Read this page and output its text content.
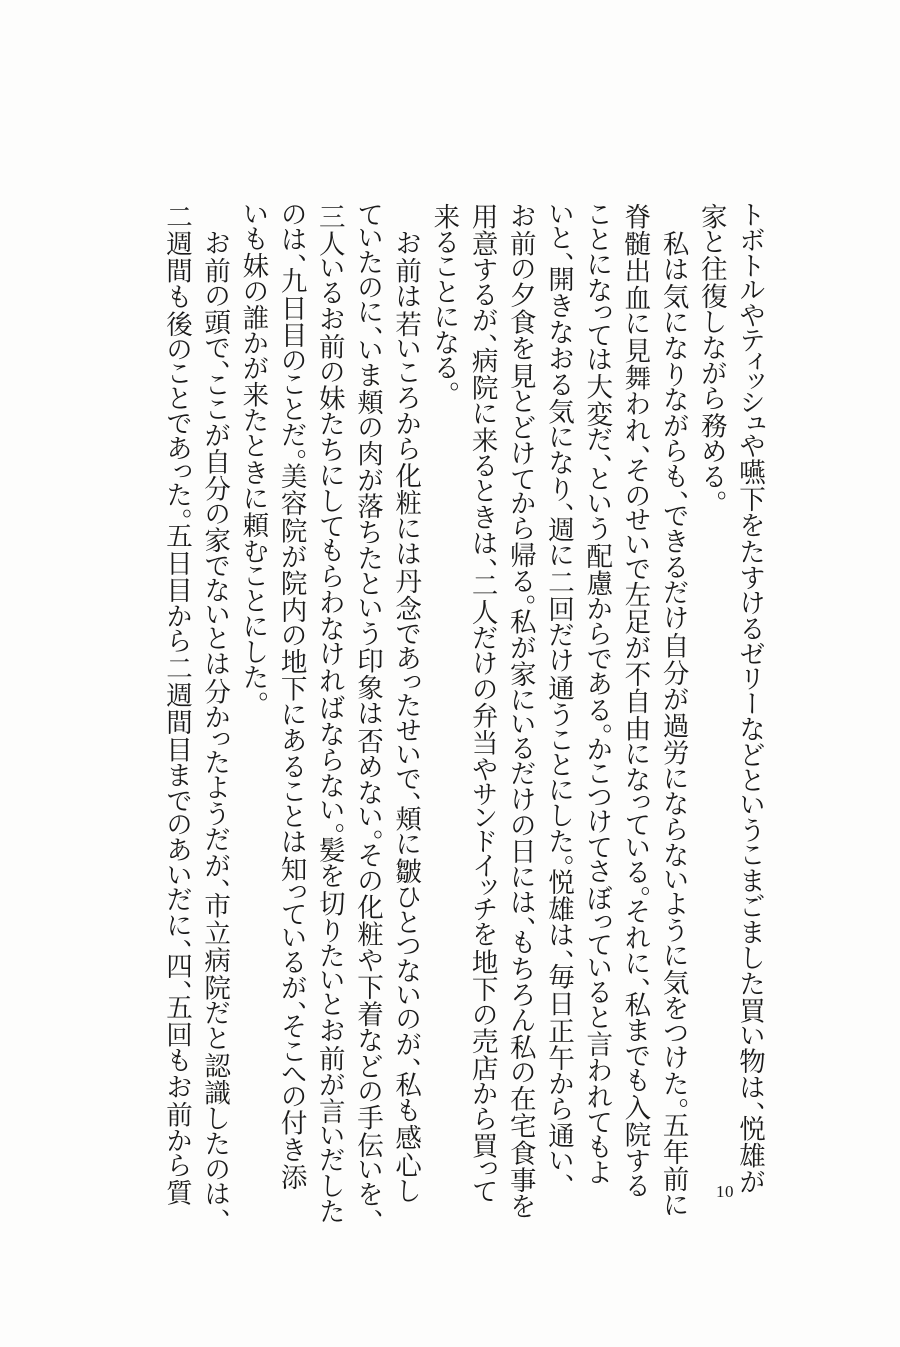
トボトルやティッシュや嚥下をたすけるゼリーなどというこまごました買い物は、悦雄が
家と往復しながら務める。
　私は気になりながらも、できるだけ自分が過労にならないように気をつけた。五年前に
脊髄出血に見舞われ、そのせいで左足が不自由になっている。それに、私までも入院する
ことになっては大変だ、という配慮からである。かこつけてさぼっていると言われてもよ
いと、開きなおる気になり、週に二回だけ通うことにした。悦雄は、毎日正午から通い、
お前の夕食を見とどけてから帰る。私が家にいるだけの日には、もちろん私の在宅食事を
用意するが、病院に来るときは、二人だけの弁当やサンドイッチを地下の売店から買って
来ることになる。
　お前は若いころから化粧には丹念であったせいで、頬に皺ひとつないのが、私も感心し
ていたのに、いま頬の肉が落ちたという印象は否めない。その化粧や下着などの手伝いを、
三人いるお前の妹たちにしてもらわなければならない。髪を切りたいとお前が言いだした
のは、九日目のことだ。美容院が院内の地下にあることは知っているが、そこへの付き添
いも妹の誰かが来たときに頼むことにした。
　お前の頭で、ここが自分の家でないとは分かったようだが、市立病院だと認識したのは、
二週間も後のことであった。五日目から二週間目までのあいだに、四、五回もお前から質	10
